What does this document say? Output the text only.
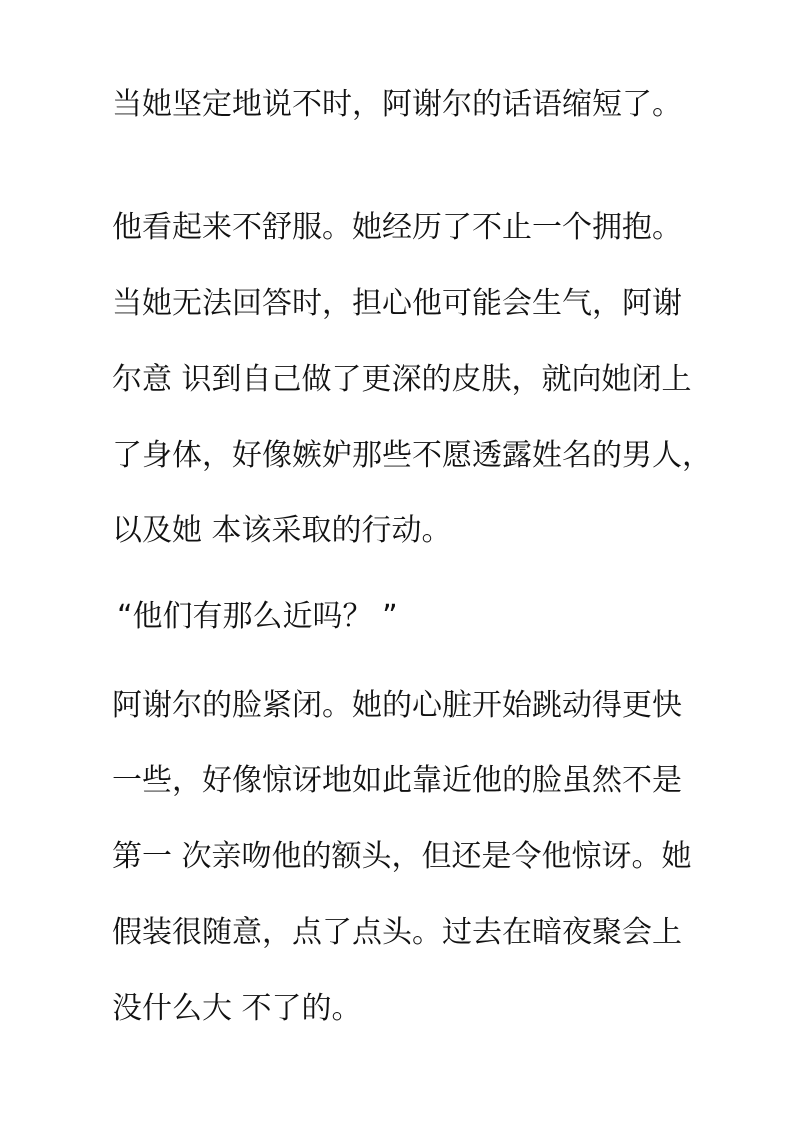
当她坚定地说不时，阿谢尔的话语缩短了。
他看起来不舒服。她经历了不止一个拥抱。
当她无法回答时，担心他可能会生气，阿谢
尔意 识到自己做了更深的皮肤，就向她闭上
了身体，好像嫉妒那些不愿透露姓名的男人，
以及她 本该采取的行动。
“他们有那么近吗？ ”
阿谢尔的脸紧闭。她的心脏开始跳动得更快
一些，好像惊讶地如此靠近他的脸虽然不是
第一 次亲吻他的额头，但还是令他惊讶。她
假装很随意，点了点头。过去在暗夜聚会上
没什么大 不了的。
